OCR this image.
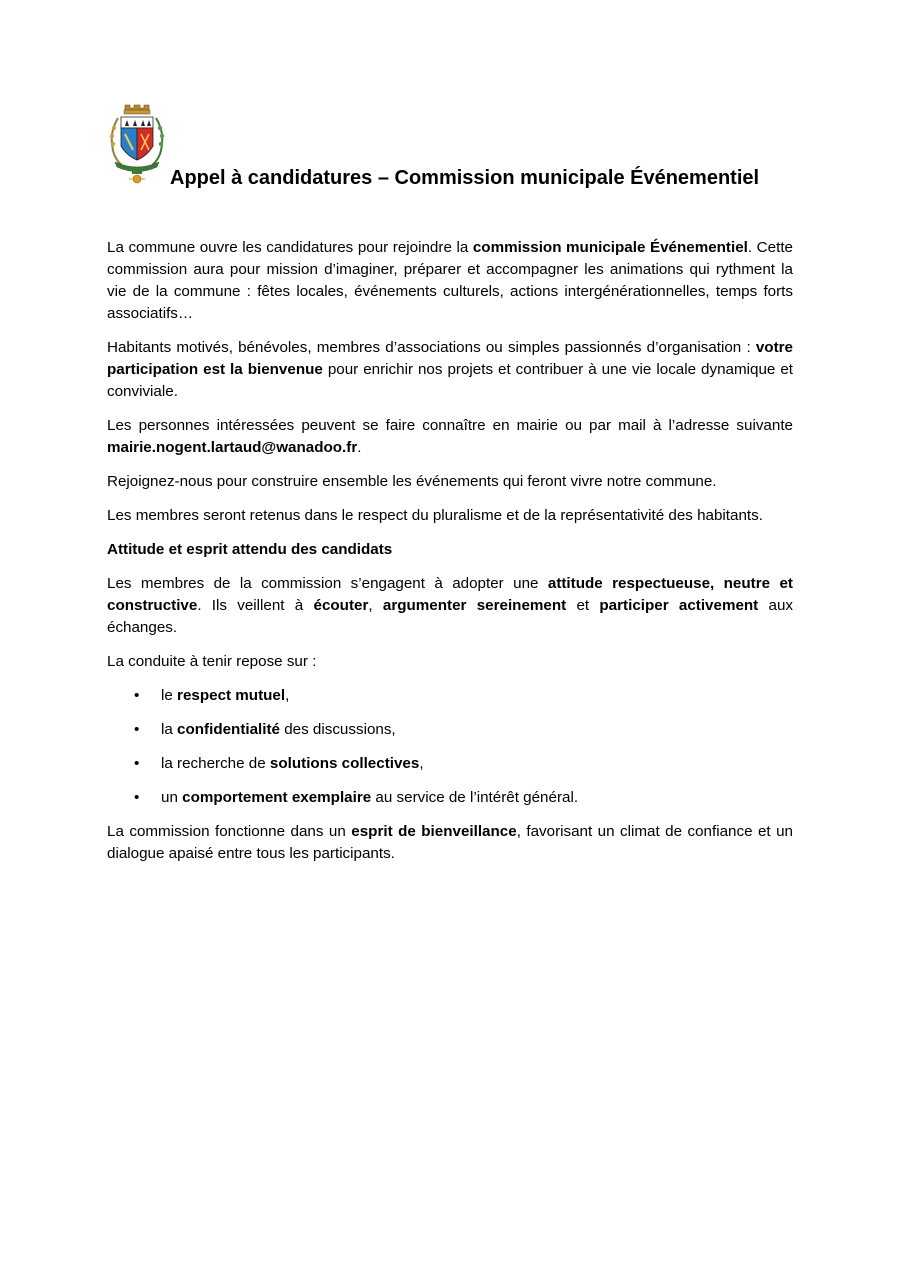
Appel à candidatures – Commission municipale Événementiel

La commune ouvre les candidatures pour rejoindre la commission municipale Événementiel. Cette commission aura pour mission d’imaginer, préparer et accompagner les animations qui rythment la vie de la commune : fêtes locales, événements culturels, actions intergénérationnelles, temps forts associatifs…

Habitants motivés, bénévoles, membres d’associations ou simples passionnés d’organisation : votre participation est la bienvenue pour enrichir nos projets et contribuer à une vie locale dynamique et conviviale.

Les personnes intéressées peuvent se faire connaître en mairie ou par mail à l’adresse suivante mairie.nogent.lartaud@wanadoo.fr.

Rejoignez-nous pour construire ensemble les événements qui feront vivre notre commune.

Les membres seront retenus dans le respect du pluralisme et de la représentativité des habitants.

Attitude et esprit attendu des candidats

Les membres de la commission s’engagent à adopter une attitude respectueuse, neutre et constructive. Ils veillent à écouter, argumenter sereinement et participer activement aux échanges.

La conduite à tenir repose sur :

• le respect mutuel,
• la confidentialité des discussions,
• la recherche de solutions collectives,
• un comportement exemplaire au service de l’intérêt général.

La commission fonctionne dans un esprit de bienveillance, favorisant un climat de confiance et un dialogue apaisé entre tous les participants.
